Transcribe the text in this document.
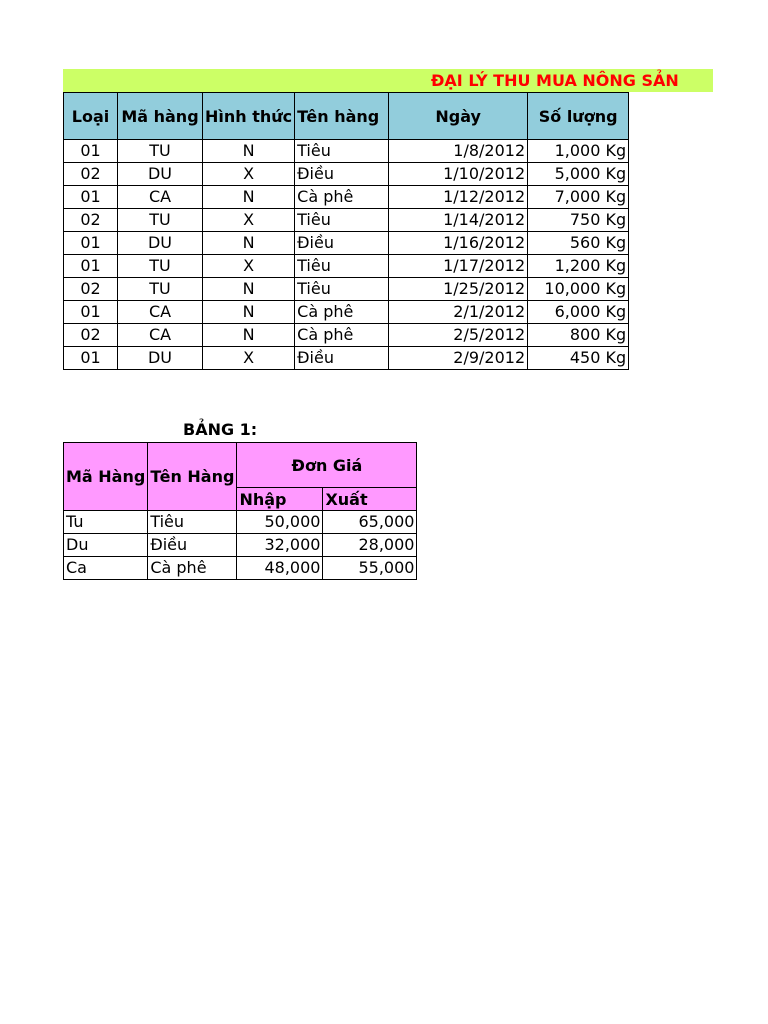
ĐẠI LÝ THU MUA NÔNG SẢN
Loại	Mã hàng	Hình thức	Tên hàng	Ngày	Số lượng
01	TU	N	Tiêu	1/8/2012	1,000 Kg
02	DU	X	Điều	1/10/2012	5,000 Kg
01	CA	N	Cà phê	1/12/2012	7,000 Kg
02	TU	X	Tiêu	1/14/2012	750 Kg
01	DU	N	Điều	1/16/2012	560 Kg
01	TU	X	Tiêu	1/17/2012	1,200 Kg
02	TU	N	Tiêu	1/25/2012	10,000 Kg
01	CA	N	Cà phê	2/1/2012	6,000 Kg
02	CA	N	Cà phê	2/5/2012	800 Kg
01	DU	X	Điều	2/9/2012	450 Kg
BẢNG 1:
Mã Hàng	Tên Hàng	Đơn Giá	
		Nhập	Xuất
Tu	Tiêu	50,000	65,000
Du	Điều	32,000	28,000
Ca	Cà phê	48,000	55,000
